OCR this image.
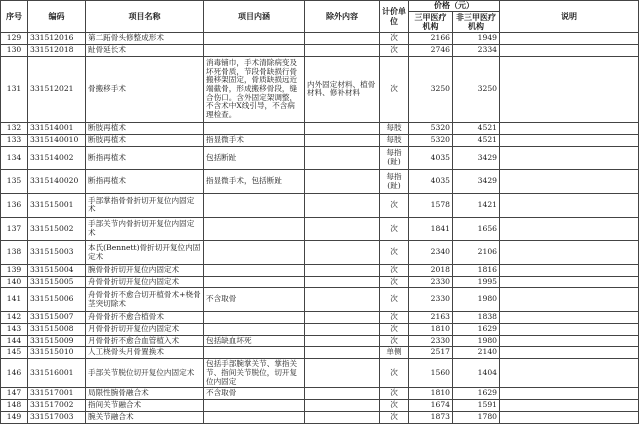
序号	编码	项目名称	项目内涵	除外内容	计价单位	价格（元）		说明
						三甲医疗机构	非三甲医疗机构	
129	331512016	第二跖骨头修整成形术			次	2166	1949	
130	331512018	趾骨延长术			次	2746	2334	
131	331512021	骨搬移手术	消毒铺巾，手术清除病变及坏死骨质，节段骨缺损行骨搬移架固定，骨质缺损远近端截骨，形成搬移骨段，缝合伤口。含外固定架调整，不含术中X线引导，不含病理检查。	内外固定材料、植骨材料、修补材料	次	3250	3250	
132	331514001	断肢再植术			每肢	5320	4521	
133	3315140010	断肢再植术	指显微手术		每肢	5320	4521	
134	331514002	断指再植术	包括断趾		每指(趾)	4035	3429	
135	3315140020	断指再植术	指显微手术，包括断趾		每指(趾)	4035	3429	
136	331515001	手部掌指骨骨折切开复位内固定术			次	1578	1421	
137	331515002	手部关节内骨折切开复位内固定术			次	1841	1656	
138	331515003	本氏(Bennett)骨折切开复位内固定术			次	2340	2106	
139	331515004	腕骨骨折切开复位内固定术			次	2018	1816	
140	331515005	舟骨骨折切开复位内固定术			次	2330	1995	
141	331515006	舟骨骨折不愈合切开植骨术+桡骨茎突切除术	不含取骨		次	2330	1980	
142	331515007	舟骨骨折不愈合植骨术			次	2163	1838	
143	331515008	月骨骨折切开复位内固定术			次	1810	1629	
144	331515009	月骨骨折不愈合血管植入术	包括缺血坏死		次	2330	1980	
145	331515010	人工桡骨头月骨置换术			单侧	2517	2140	
146	331516001	手部关节脱位切开复位内固定术	包括手部腕掌关节、掌指关节、指间关节脱位，切开复位内固定		次	1560	1404	
147	331517001	局限性腕骨融合术	不含取骨		次	1810	1629	
148	331517002	指间关节融合术			次	1674	1591	
149	331517003	腕关节融合术			次	1873	1780	
